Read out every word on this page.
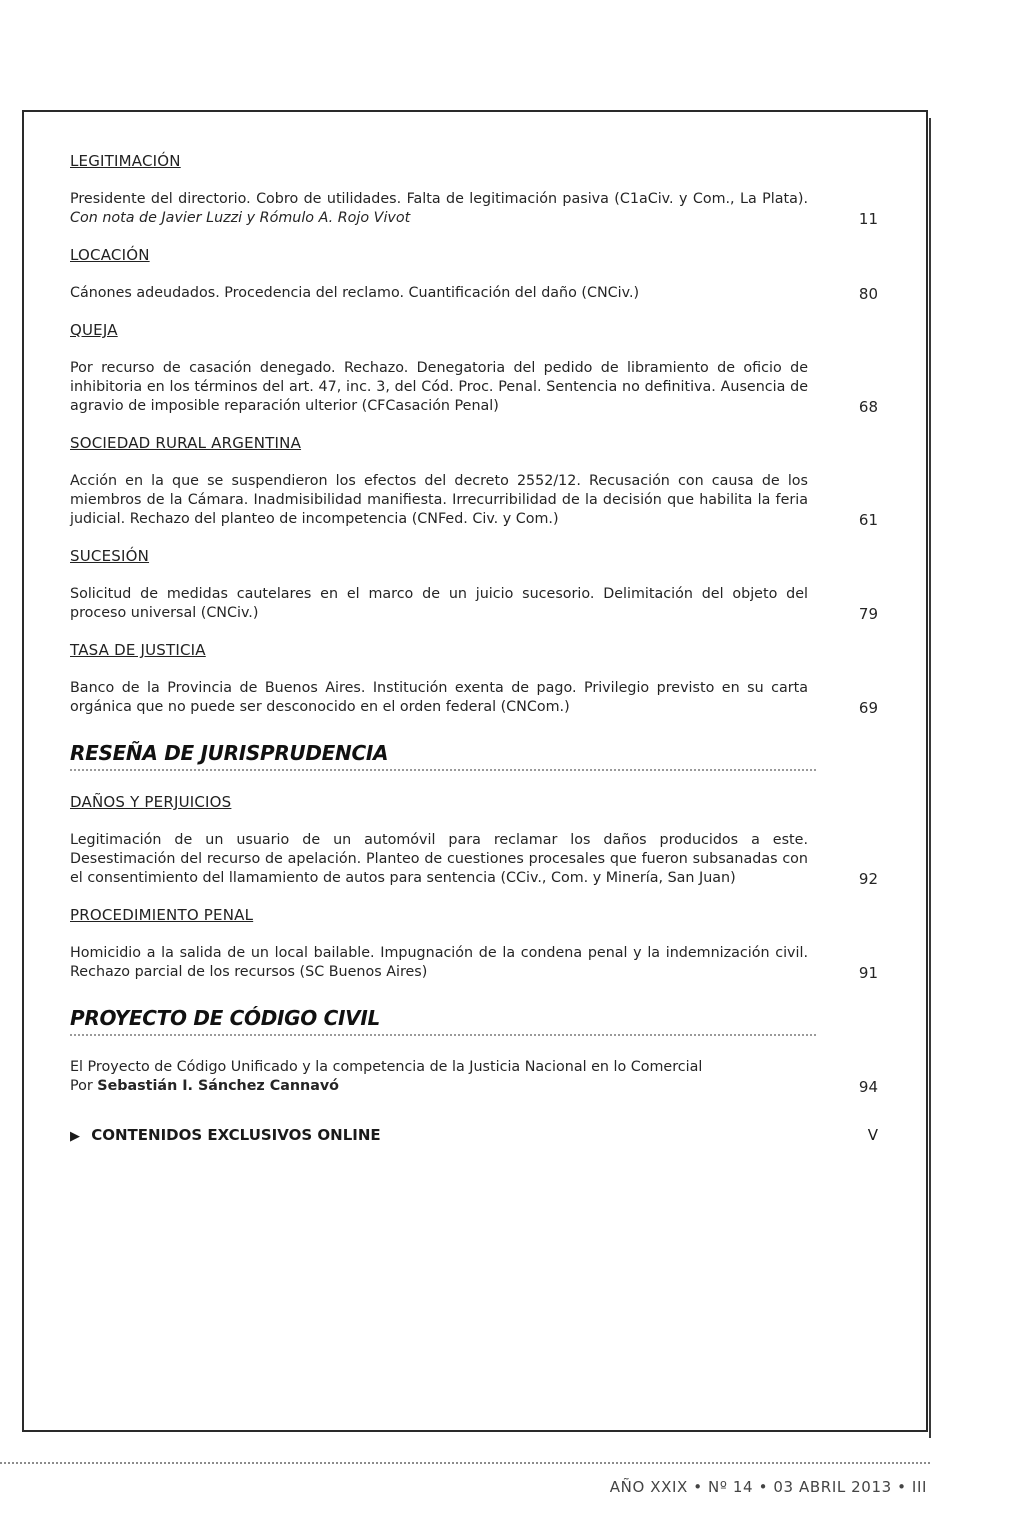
LEGITIMACIÓN

Presidente del directorio. Cobro de utilidades. Falta de legitimación pasiva (C1aCiv. y Com., La Plata). Con nota de Javier Luzzi y Rómulo A. Rojo Vivot	11

LOCACIÓN

Cánones adeudados. Procedencia del reclamo. Cuantificación del daño (CNCiv.)	80

QUEJA

Por recurso de casación denegado. Rechazo. Denegatoria del pedido de libramiento de oficio de inhibitoria en los términos del art. 47, inc. 3, del Cód. Proc. Penal. Sentencia no definitiva. Ausencia de agravio de imposible reparación ulterior (CFCasación Penal)	68

SOCIEDAD RURAL ARGENTINA

Acción en la que se suspendieron los efectos del decreto 2552/12. Recusación con causa de los miembros de la Cámara. Inadmisibilidad manifiesta. Irrecurribilidad de la decisión que habilita la feria judicial. Rechazo del planteo de incompetencia (CNFed. Civ. y Com.)	61

SUCESIÓN

Solicitud de medidas cautelares en el marco de un juicio sucesorio. Delimitación del objeto del proceso universal (CNCiv.)	79

TASA DE JUSTICIA

Banco de la Provincia de Buenos Aires. Institución exenta de pago. Privilegio previsto en su carta orgánica que no puede ser desconocido en el orden federal (CNCom.)	69

RESEÑA DE JURISPRUDENCIA

DAÑOS Y PERJUICIOS

Legitimación de un usuario de un automóvil para reclamar los daños producidos a este. Desestimación del recurso de apelación. Planteo de cuestiones procesales que fueron subsanadas con el consentimiento del llamamiento de autos para sentencia (CCiv., Com. y Minería, San Juan)	92

PROCEDIMIENTO PENAL

Homicidio a la salida de un local bailable. Impugnación de la condena penal y la indemnización civil. Rechazo parcial de los recursos (SC Buenos Aires)	91

PROYECTO DE CÓDIGO CIVIL

El Proyecto de Código Unificado y la competencia de la Justicia Nacional en lo Comercial
Por Sebastián I. Sánchez Cannavó	94
▶ CONTENIDOS EXCLUSIVOS ONLINE	V
AÑO XXIX • Nº 14 • 03 ABRIL 2013 • III
